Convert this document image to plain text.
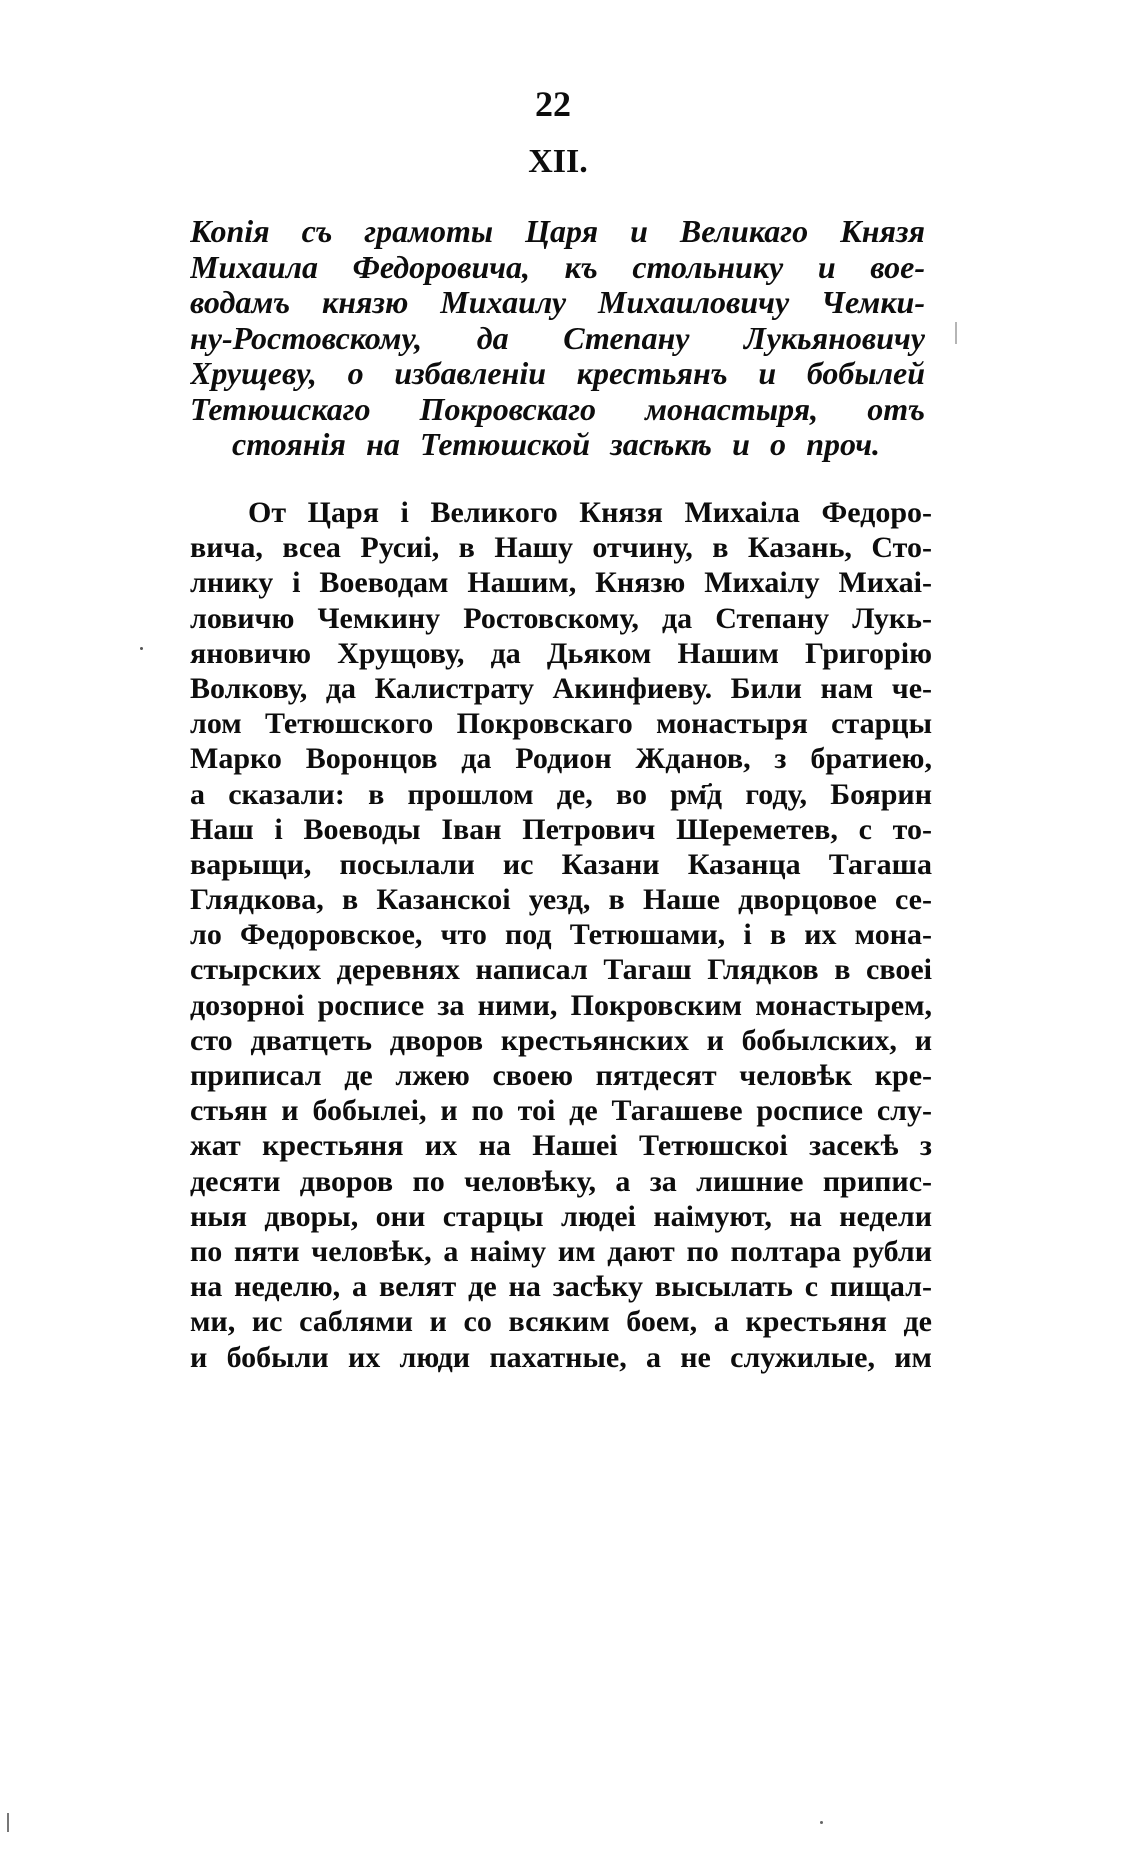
22
XII.
Копія съ грамоты Царя и Великаго Князя
Михаила Федоровича, къ стольнику и вое-
водамъ князю Михаилу Михаиловичу Чемки-
ну-Ростовскому, да Степану Лукьяновичу
Хрущеву, о избавленіи крестьянъ и бобылей
Тетюшскаго Покровскаго монастыря, отъ
стоянія на Тетюшской засѣкѣ и о проч.
От Царя і Великого Князя Михаіла Федоро-
вича, всеа Русиі, в Нашу отчину, в Казань, Сто-
лнику і Воеводам Нашим, Князю Михаілу Михаі-
ловичю Чемкину Ростовскому, да Степану Лукь-
яновичю Хрущову, да Дьяком Нашим Григорію
Волкову, да Калистрату Акинфиеву. Били нам че-
лом Тетюшского Покровскаго монастыря старцы
Марко Воронцов да Родион Жданов, з братиею,
а сказали: в прошлом де, во рм҃д году, Боярин
Наш і Воеводы Іван Петрович Шереметев, с то-
варыщи, посылали ис Казани Казанца Тагаша
Глядкова, в Казанскоі уезд, в Наше дворцовое се-
ло Федоровское, что под Тетюшами, і в их мона-
стырских деревнях написал Тагаш Глядков в своеі
дозорноі росписе за ними, Покровским монастырем,
сто дватцеть дворов крестьянских и бобылских, и
приписал де лжею своею пятдесят человѣк кре-
стьян и бобылеі, и по тоі де Тагашеве росписе слу-
жат крестьяня их на Нашеі Тетюшскоі засекѣ з
десяти дворов по человѣку, а за лишние припис-
ныя дворы, они старцы людеі наімуют, на недели
по пяти человѣк, а наіму им дают по полтара рубли
на неделю, а велят де на засѣку высылать с пищал-
ми, ис саблями и со всяким боем, а крестьяня де
и бобыли их люди пахатные, а не служилые, им
